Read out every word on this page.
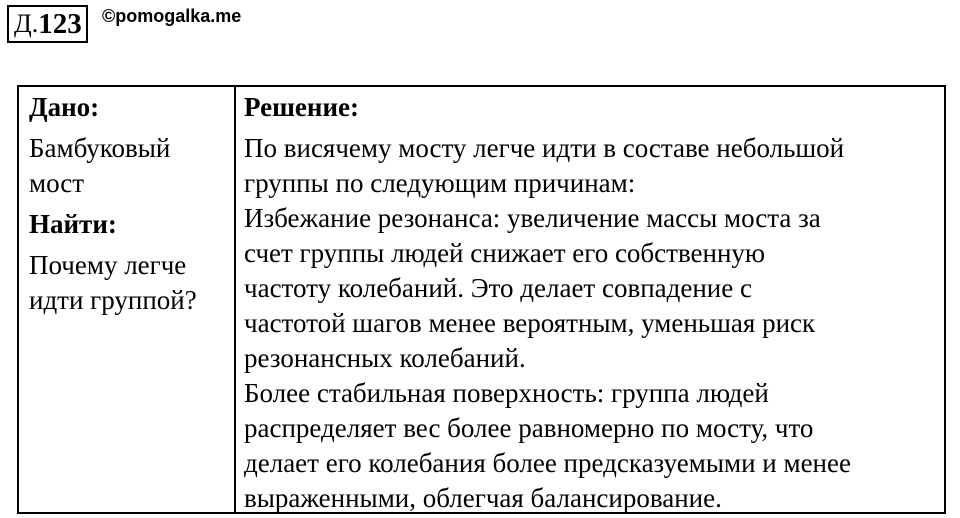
Д. 123 ©pomogalka.me
Дано:
Бамбуковый
мост
Найти:
Почему легче
идти группой?
Решение:
По висячему мосту легче идти в составе небольшой
группы по следующим причинам:
Избежание резонанса: увеличение массы моста за
счет группы людей снижает его собственную
частоту колебаний. Это делает совпадение с
частотой шагов менее вероятным, уменьшая риск
резонансных колебаний.
Более стабильная поверхность: группа людей
распределяет вес более равномерно по мосту, что
делает его колебания более предсказуемыми и менее
выраженными, облегчая балансирование.
